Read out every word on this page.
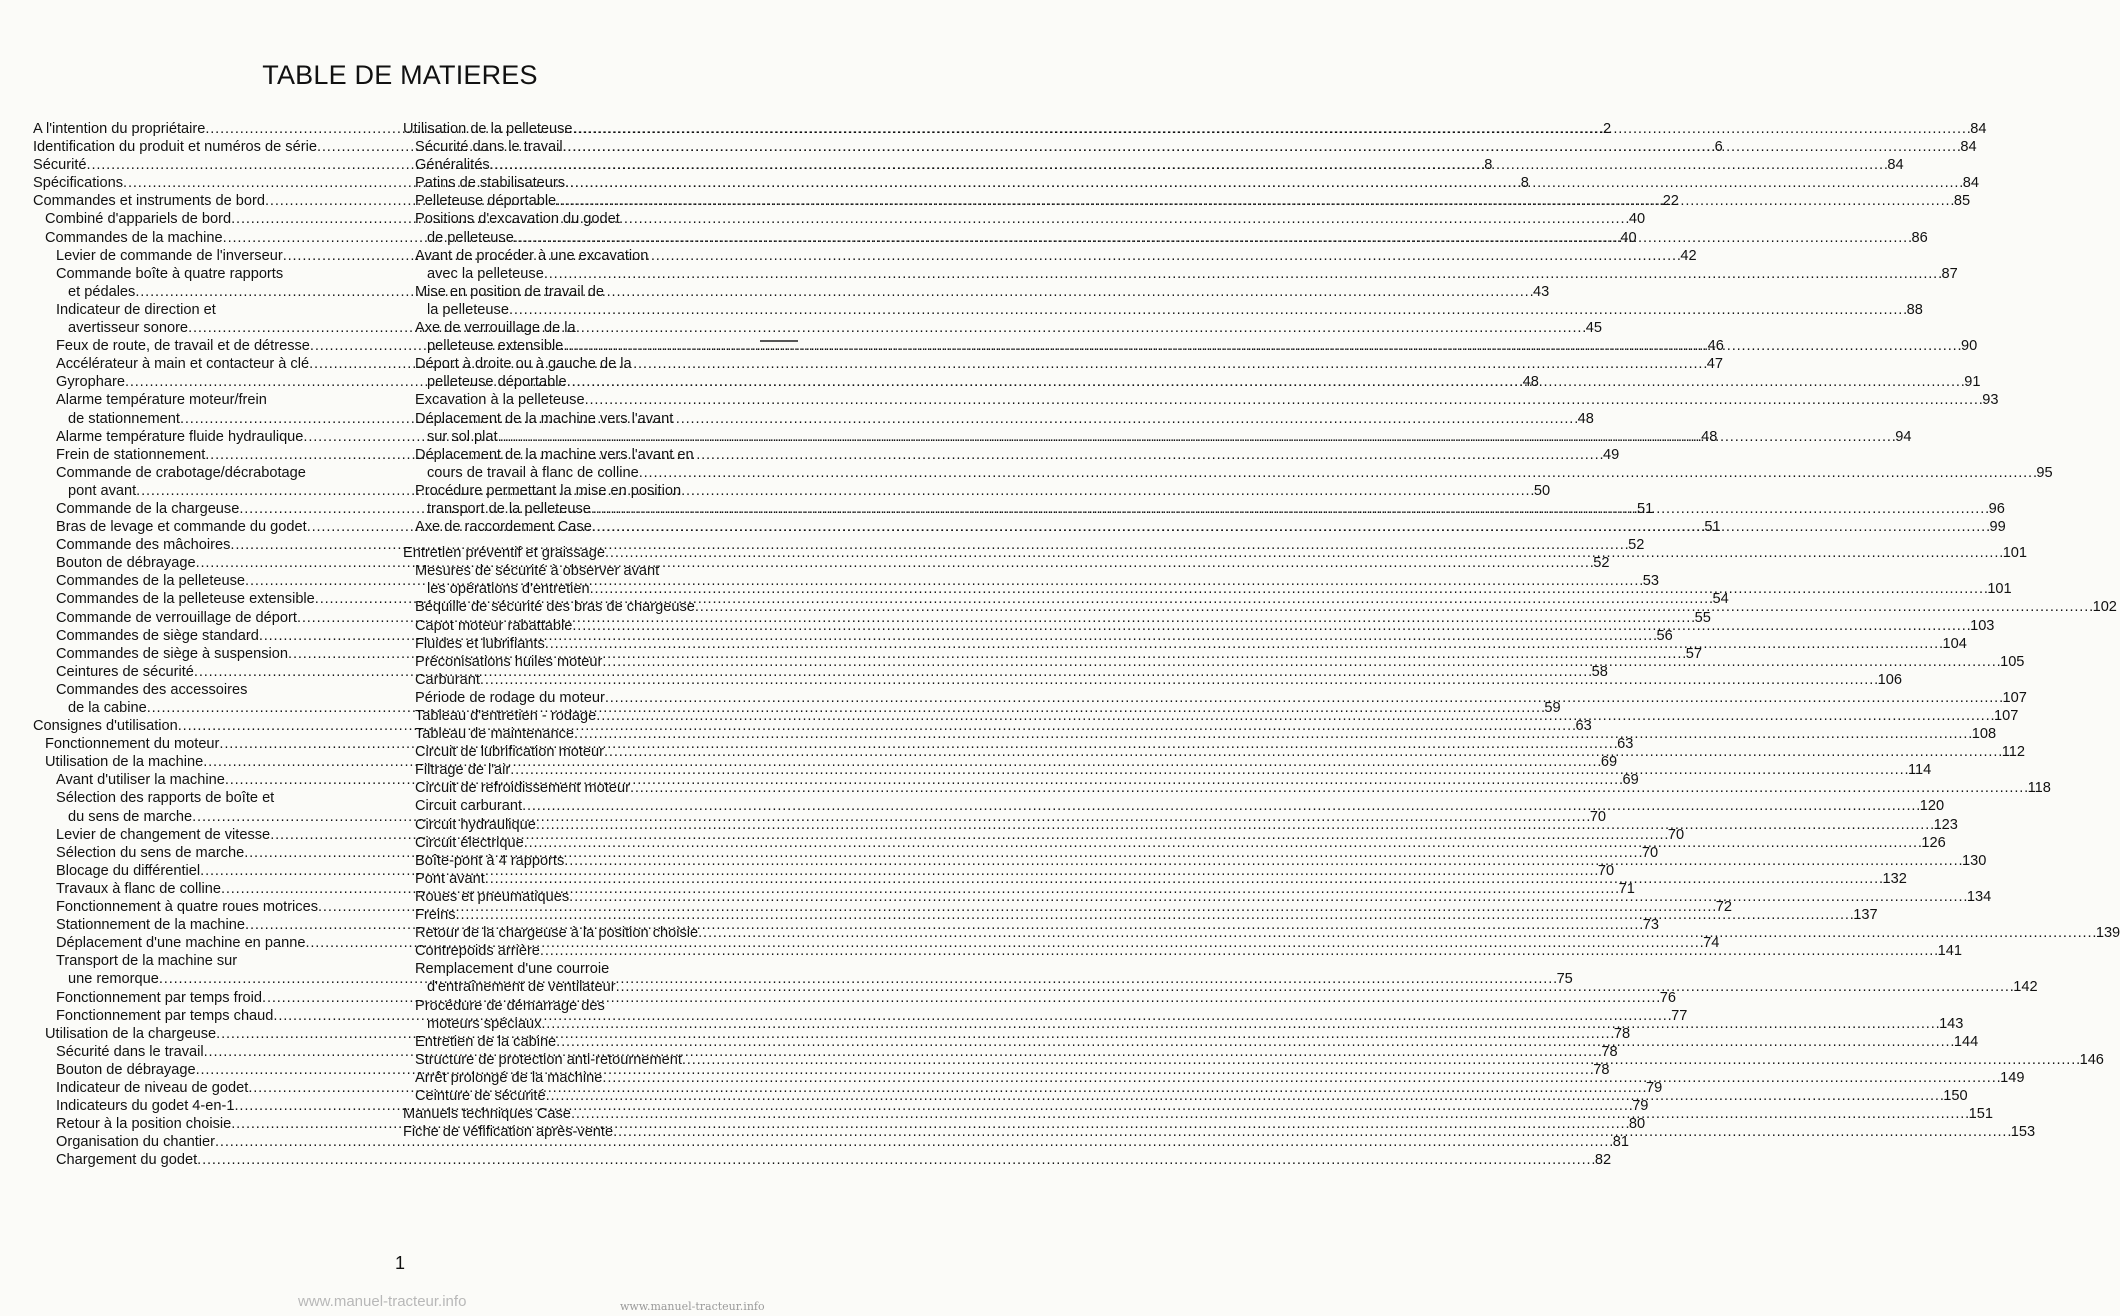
TABLE DE MATIERES
A l'intention du propriétaire . . .	2
Identification du produit et numéros de série . . .	6
Sécurité . . .	8
Spécifications . . .	8
Commandes et instruments de bord . . .	22
Combiné d'appariels de bord . . .	40
Commandes de la machine . . .	40
Levier de commande de l'inverseur . . .	42
Commande boîte à quatre rapports
et pédales . . .	43
Indicateur de direction et
avertisseur sonore . . .	45
Feux de route, de travail et de détresse . . .	46
Accélérateur à main et contacteur à clé . . .	47
Gyrophare . . .	48
Alarme température moteur/frein
de stationnement . . .	48
Alarme température fluide hydraulique . . .	48
Frein de stationnement . . .	49
Commande de crabotage/décrabotage
pont avant . . .	50
Commande de la chargeuse . . .	51
Bras de levage et commande du godet . . .	51
Commande des mâchoires . . .	52
Bouton de débrayage . . .	52
Commandes de la pelleteuse . . .	53
Commandes de la pelleteuse extensible . . .	54
Commande de verrouillage de déport . . .	55
Commandes de siège standard . . .	56
Commandes de siège à suspension . . .	57
Ceintures de sécurité . . .	58
Commandes des accessoires
de la cabine . . .	59
Consignes d'utilisation . . .	63
Fonctionnement du moteur . . .	63
Utilisation de la machine . . .	69
Avant d'utiliser la machine . . .	69
Sélection des rapports de boîte et
du sens de marche . . .	70
Levier de changement de vitesse . . .	70
Sélection du sens de marche . . .	70
Blocage du différentiel . . .	70
Travaux à flanc de colline . . .	71
Fonctionnement à quatre roues motrices . . .	72
Stationnement de la machine . . .	73
Déplacement d'une machine en panne . . .	74
Transport de la machine sur
une remorque . . .	75
Fonctionnement par temps froid . . .	76
Fonctionnement par temps chaud . . .	77
Utilisation de la chargeuse . . .	78
Sécurité dans le travail . . .	78
Bouton de débrayage . . .	78
Indicateur de niveau de godet . . .	79
Indicateurs du godet 4-en-1 . . .	79
Retour à la position choisie . . .	80
Organisation du chantier . . .	81
Chargement du godet . . .	82
Utilisation de la pelleteuse . . .	84
Sécurité dans le travail . . .	84
Généralités . . .	84
Patins de stabilisateurs . . .	84
Pelleteuse déportable . . .	85
Positions d'excavation du godet
de pelleteuse . . .	86
Avant de procéder à une excavation
avec la pelleteuse . . .	87
Mise en position de travail de
la pelleteuse . . .	88
Axe de verrouillage de la
pelleteuse extensible . . .	90
Déport à droite ou à gauche de la
pelleteuse déportable . . .	91
Excavation à la pelleteuse . . .	93
Déplacement de la machine vers l'avant
sur sol plat . . .	94
Déplacement de la machine vers l'avant en
cours de travail à flanc de colline . . .	95
Procédure permettant la mise en position
transport de la pelleteuse . . .	96
Axe de raccordement Case . . .	99
Entretien préventif et graissage . . .	101
Mesures de sécurité à observer avant
les opérations d'entretien . . .	101
Béquille de sécurité des bras de chargeuse . . .	102
Capot moteur rabattable . . .	103
Fluides et lubrifiants . . .	104
Préconisations huiles moteur . . .	105
Carburant . . .	106
Période de rodage du moteur . . .	107
Tableau d'entretien - rodage . . .	107
Tableau de maintenance . . .	108
Circuit de lubrification moteur . . .	112
Filtrage de l'air . . .	114
Circuit de refroidissement moteur . . .	118
Circuit carburant . . .	120
Circuit hydraulique . . .	123
Circuit électrique . . .	126
Boîte-pont à 4 rapports . . .	130
Pont avant . . .	132
Roues et pneumatiques . . .	134
Freins . . .	137
Retour de la chargeuse à la position choisie . . .	139
Contrepoids arrière . . .	141
Remplacement d'une courroie
d'entraînement de ventilateur . . .	142
Procédure de démarrage des
moteurs spéciaux . . .	143
Entretien de la cabine . . .	144
Structure de protection anti-retournement . . .	146
Arrêt prolongé de la machine . . .	149
Ceinture de sécurité . . .	150
Manuels techniques Case . . .	151
Fiche de véfification après-vente . . .	153
1
www.manuel-tracteur.info	www.manuel-tracteur.info
